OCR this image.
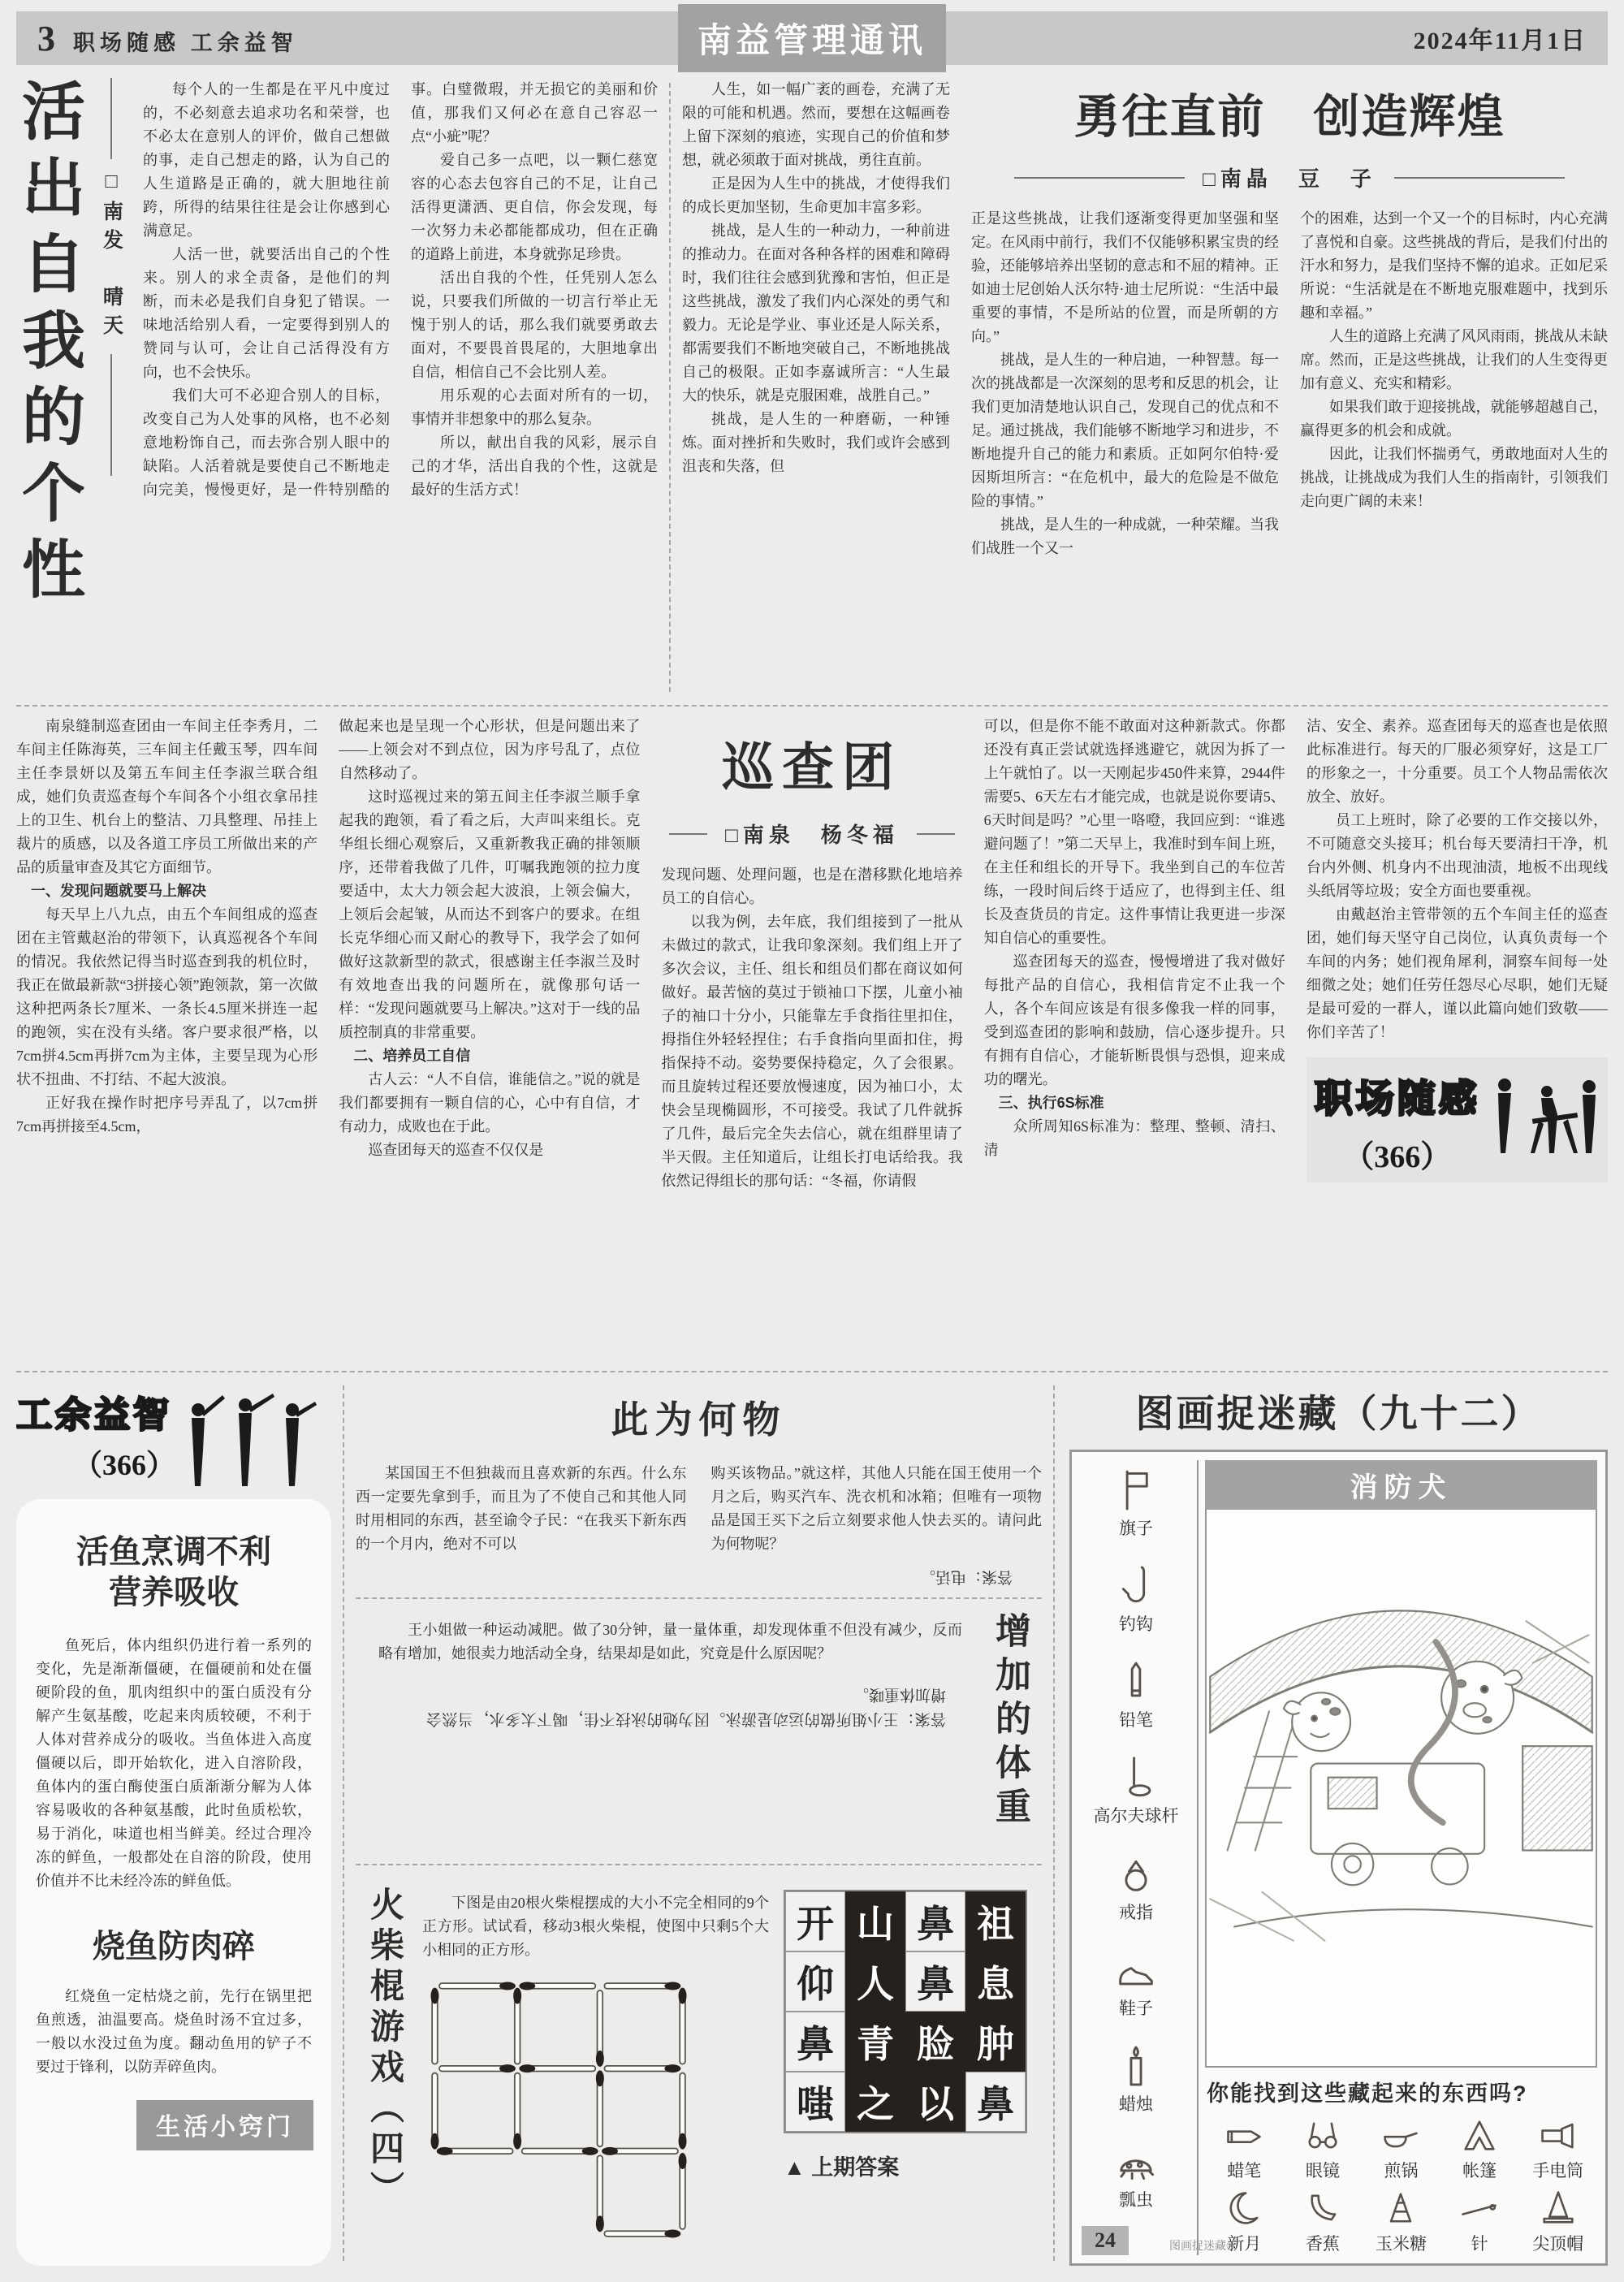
3 职场随感 工余益智	南益管理通讯	2024年11月1日
活出自我的个性 □南发　晴天

每个人的一生都是在平凡中度过的，不必刻意去追求功名和荣誉，也不必太在意别人的评价，做自己想做的事，走自己想走的路，认为自己的人生道路是正确的，就大胆地往前跨，所得的结果往往是会让你感到心满意足。

人活一世，就要活出自己的个性来。别人的求全责备，是他们的判断，而未必是我们自身犯了错误。一味地活给别人看，一定要得到别人的赞同与认可，会让自己活得没有方向，也不会快乐。

我们大可不必迎合别人的目标，改变自己为人处事的风格，也不必刻意地粉饰自己，而去弥合别人眼中的缺陷。人活着就是要使自己不断地走向完美，慢慢更好，是一件特别酷的事。白璧微瑕，并无损它的美丽和价值，那我们又何必在意自己容忍一点“小疵”呢？

爱自己多一点吧，以一颗仁慈宽容的心态去包容自己的不足，让自己活得更潇洒、更自信，你会发现，每一次努力未必都能都成功，但在正确的道路上前进，本身就弥足珍贵。

活出自我的个性，任凭别人怎么说，只要我们所做的一切言行举止无愧于别人的话，那么我们就要勇敢去面对，不要畏首畏尾的，大胆地拿出自信，相信自己不会比别人差。

用乐观的心去面对所有的一切，事情并非想象中的那么复杂。

所以，献出自我的风彩，展示自己的才华，活出自我的个性，这就是最好的生活方式！

人生，如一幅广袤的画卷，充满了无限的可能和机遇。然而，要想在这幅画卷上留下深刻的痕迹，实现自己的价值和梦想，就必须敢于面对挑战，勇往直前。

正是因为人生中的挑战，才使得我们的成长更加坚韧，生命更加丰富多彩。

挑战，是人生的一种动力，一种前进的推动力。在面对各种各样的困难和障碍时，我们往往会感到犹豫和害怕，但正是这些挑战，激发了我们内心深处的勇气和毅力。无论是学业、事业还是人际关系，都需要我们不断地突破自己，不断地挑战自己的极限。正如李嘉诚所言：“人生最大的快乐，就是克服困难，战胜自己。”

挑战，是人生的一种磨砺，一种锤炼。面对挫折和失败时，我们或许会感到沮丧和失落，但

勇往直前　创造辉煌
□南晶　豆　子

正是这些挑战，让我们逐渐变得更加坚强和坚定。在风雨中前行，我们不仅能够积累宝贵的经验，还能够培养出坚韧的意志和不屈的精神。正如迪士尼创始人沃尔特·迪士尼所说：“生活中最重要的事情，不是所站的位置，而是所朝的方向。”

挑战，是人生的一种启迪，一种智慧。每一次的挑战都是一次深刻的思考和反思的机会，让我们更加清楚地认识自己，发现自己的优点和不足。通过挑战，我们能够不断地学习和进步，不断地提升自己的能力和素质。正如阿尔伯特·爱因斯坦所言：“在危机中，最大的危险是不做危险的事情。”

挑战，是人生的一种成就，一种荣耀。当我们战胜一个又一

个的困难，达到一个又一个的目标时，内心充满了喜悦和自豪。这些挑战的背后，是我们付出的汗水和努力，是我们坚持不懈的追求。正如尼采所说：“生活就是在不断地克服难题中，找到乐趣和幸福。”

人生的道路上充满了风风雨雨，挑战从未缺席。然而，正是这些挑战，让我们的人生变得更加有意义、充实和精彩。

如果我们敢于迎接挑战，就能够超越自己，赢得更多的机会和成就。

因此，让我们怀揣勇气，勇敢地面对人生的挑战，让挑战成为我们人生的指南针，引领我们走向更广阔的未来！

南泉缝制巡查团由一车间主任李秀月，二车间主任陈海英，三车间主任戴玉琴，四车间主任李景妍以及第五车间主任李淑兰联合组成，她们负责巡查每个车间各个小组衣拿吊挂上的卫生、机台上的整洁、刀具整理、吊挂上裁片的质感，以及各道工序员工所做出来的产品的质量审查及其它方面细节。

一、发现问题就要马上解决

每天早上八九点，由五个车间组成的巡查团在主管戴赵治的带领下，认真巡视各个车间的情况。我依然记得当时巡查到我的机位时，我正在做最新款“3拼接心领”跑领款，第一次做这种把两条长7厘米、一条长4.5厘米拼连一起的跑领，实在没有头绪。客户要求很严格，以7cm拼4.5cm再拼7cm为主体，主要呈现为心形状不扭曲、不打结、不起大波浪。

正好我在操作时把序号弄乱了，以7cm拼7cm再拼接至4.5cm，

做起来也是呈现一个心形状，但是问题出来了——上领会对不到点位，因为序号乱了，点位自然移动了。

这时巡视过来的第五间主任李淑兰顺手拿起我的跑领，看了看之后，大声叫来组长。克华组长细心观察后，又重新教我正确的排领顺序，还带着我做了几件，叮嘱我跑领的拉力度要适中，太大力领会起大波浪，上领会偏大，上领后会起皱，从而达不到客户的要求。在组长克华细心而又耐心的教导下，我学会了如何做好这款新型的款式，很感谢主任李淑兰及时有效地查出我的问题所在，就像那句话一样：“发现问题就要马上解决。”这对于一线的品质控制真的非常重要。

二、培养员工自信

古人云：“人不自信，谁能信之。”说的就是我们都要拥有一颗自信的心，心中有自信，才有动力，成败也在于此。

巡查团每天的巡查不仅仅是

巡查团
□南泉　杨冬福

发现问题、处理问题，也是在潜移默化地培养员工的自信心。

以我为例，去年底，我们组接到了一批从未做过的款式，让我印象深刻。我们组上开了多次会议，主任、组长和组员们都在商议如何做好。最苦恼的莫过于锁袖口下摆，儿童小袖子的袖口十分小，只能靠左手食指往里扣住，拇指住外轻轻捏住；右手食指向里面扣住，拇指保持不动。姿势要保持稳定，久了会很累。而且旋转过程还要放慢速度，因为袖口小，太快会呈现椭圆形，不可接受。我试了几件就拆了几件，最后完全失去信心，就在组群里请了半天假。主任知道后，让组长打电话给我。我依然记得组长的那句话：“冬福，你请假

可以，但是你不能不敢面对这种新款式。你都还没有真正尝试就选择逃避它，就因为拆了一上午就怕了。以一天刚起步450件来算，2944件需要5、6天左右才能完成，也就是说你要请5、6天时间是吗？”心里一咯噔，我回应到：“谁逃避问题了！”第二天早上，我准时到车间上班，在主任和组长的开导下。我坐到自己的车位苦练，一段时间后终于适应了，也得到主任、组长及查货员的肯定。这件事情让我更进一步深知自信心的重要性。

巡查团每天的巡查，慢慢增进了我对做好每批产品的自信心，我相信肯定不止我一个人，各个车间应该是有很多像我一样的同事，受到巡查团的影响和鼓励，信心逐步提升。只有拥有自信心，才能斩断畏惧与恐惧，迎来成功的曙光。

三、执行6S标准

众所周知6S标准为：整理、整顿、清扫、清

洁、安全、素养。巡查团每天的巡查也是依照此标准进行。每天的厂服必须穿好，这是工厂的形象之一，十分重要。员工个人物品需依次放全、放好。

员工上班时，除了必要的工作交接以外，不可随意交头接耳；机台每天要清扫干净，机台内外侧、机身内不出现油渍，地板不出现线头纸屑等垃圾；安全方面也要重视。

由戴赵治主管带领的五个车间主任的巡查团，她们每天坚守自己岗位，认真负责每一个车间的内务；她们视角犀利，洞察车间每一处细微之处；她们任劳任怨尽心尽职，她们无疑是最可爱的一群人，谨以此篇向她们致敬——你们辛苦了！

职场随感
（366）
工余益智
（366）
活鱼烹调不利
营养吸收

鱼死后，体内组织仍进行着一系列的变化，先是渐渐僵硬，在僵硬前和处在僵硬阶段的鱼，肌肉组织中的蛋白质没有分解产生氨基酸，吃起来肉质较硬，不利于人体对营养成分的吸收。当鱼体进入高度僵硬以后，即开始软化，进入自溶阶段，鱼体内的蛋白酶使蛋白质渐渐分解为人体容易吸收的各种氨基酸，此时鱼质松软，易于消化，味道也相当鲜美。经过合理冷冻的鲜鱼，一般都处在自溶的阶段，使用价值并不比未经冷冻的鲜鱼低。

烧鱼防肉碎

红烧鱼一定枯烧之前，先行在锅里把鱼煎透，油温要高。烧鱼时汤不宜过多，一般以水没过鱼为度。翻动鱼用的铲子不要过于锋利，以防弄碎鱼肉。

生活小窍门
此为何物

某国国王不但独裁而且喜欢新的东西。什么东西一定要先拿到手，而且为了不使自己和其他人同时用相同的东西，甚至谕令子民：“在我买下新东西的一个月内，绝对不可以

购买该物品。”就这样，其他人只能在国王使用一个月之后，购买汽车、洗衣机和冰箱；但唯有一项物品是国王买下之后立刻要求他人快去买的。请问此为何物呢？

答案：电话。

王小姐做一种运动减肥。做了30分钟，量一量体重，却发现体重不但没有减少，反而略有增加，她很卖力地活动全身，结果却是如此，究竟是什么原因呢？

答案：王小姐所做的运动是游泳。因为她的泳技不佳，喝下太多水，当然会增加体重喽。 增加的体重
火柴棍游戏（四）	下图是由20根火柴棍摆成的大小不完全相同的9个正方形。试试看，移动3根火柴棍，使图中只剩5个大小相同的正方形。

开 山 鼻 祖
仰 人 鼻 息
鼻 青 脸 肿
嗤 之 以 鼻
▲ 上期答案
图画捉迷藏（九十二）
旗子
钓钩
铅笔
高尔夫球杆
戒指
鞋子
蜡烛
瓢虫
消防犬
你能找到这些藏起来的东西吗?
蜡笔	眼镜	煎锅	帐篷 手电筒
新月	香蕉 玉米糖	针	尖顶帽
24	图画捉迷藏®
